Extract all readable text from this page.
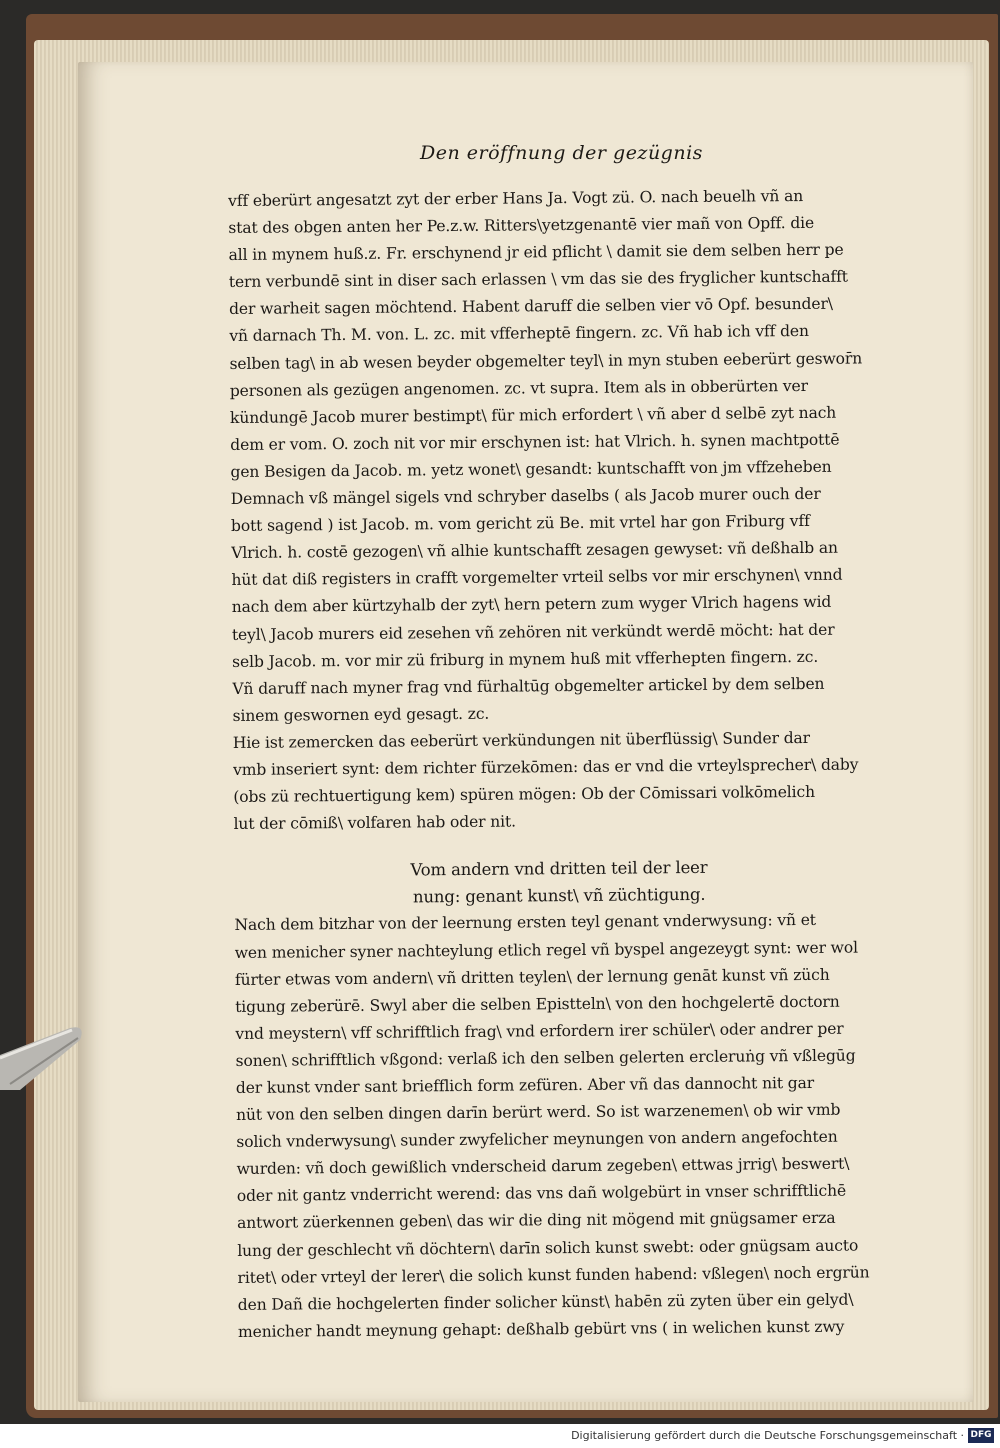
Den eröffnung der gezügnis
vff eberürt angesatzt zyt der erber Hans Ja. Vogt zü. O. nach beuelh vñ an
stat des obgen anten her Pe.z.w. Ritters\yetzgenantē vier mañ von Opff. die
all in mynem huß.z. Fr. erschynend jr eid pflicht \ damit sie dem selben herr pe
tern verbundē sint in diser sach erlassen \ vm das sie des fryglicher kuntschafft
der warheit sagen möchtend. Habent daruff die selben vier vō Opf. besunder\
vñ darnach Th. M. von. L. zc. mit vfferheptē fingern. zc. Vñ hab ich vff den
selben tag\ in ab wesen beyder obgemelter teyl\ in myn stuben eeberürt geswor̄n
personen als gezügen angenomen. zc. vt supra. Item als in obberürten ver
kündungē Jacob murer bestimpt\ für mich erfordert \ vñ aber d selbē zyt nach
dem er vom. O. zoch nit vor mir erschynen ist: hat Vlrich. h. synen machtpottē
gen Besigen da Jacob. m. yetz wonet\ gesandt: kuntschafft von jm vffzeheben
Demnach vß mängel sigels vnd schryber daselbs ( als Jacob murer ouch der
bott sagend ) ist Jacob. m. vom gericht zü Be. mit vrtel har gon Friburg vff
Vlrich. h. costē gezogen\ vñ alhie kuntschafft zesagen gewyset: vñ deßhalb an
hüt dat diß registers in crafft vorgemelter vrteil selbs vor mir erschynen\ vnnd
nach dem aber kürtzyhalb der zyt\ hern petern zum wyger Vlrich hagens wid
teyl\ Jacob murers eid zesehen vñ zehören nit verkündt werdē möcht: hat der
selb Jacob. m. vor mir zü friburg in mynem huß mit vfferhepten fingern. zc.
Vñ daruff nach myner frag vnd fürhaltūg obgemelter artickel by dem selben
sinem geswornen eyd gesagt. zc.
Hie ist zemercken das eeberürt verkündungen nit überflüssig\ Sunder dar
vmb inseriert synt: dem richter fürzekōmen: das er vnd die vrteylsprecher\ daby
(obs zü rechtuertigung kem) spüren mögen: Ob der Cōmissari volkōmelich
lut der cōmiß\ volfaren hab oder nit.
Vom andern vnd dritten teil der leer
nung: genant kunst\ vñ züchtigung.
Nach dem bitzhar von der leernung ersten teyl genant vnderwysung: vñ et
wen menicher syner nachteylung etlich regel vñ byspel angezeygt synt: wer wol
fürter etwas vom andern\ vñ dritten teylen\ der lernung genāt kunst vñ züch
tigung zeberürē. Swyl aber die selben Epistteln\ von den hochgelertē doctorn
vnd meystern\ vff schrifftlich frag\ vnd erfordern irer schüler\ oder andrer per
sonen\ schrifftlich vßgond: verlaß ich den selben gelerten ercleruṅg vñ vßlegūg
der kunst vnder sant briefflich form zefüren. Aber vñ das dannocht nit gar
nüt von den selben dingen darīn berürt werd. So ist warzenemen\ ob wir vmb
solich vnderwysung\ sunder zwyfelicher meynungen von andern angefochten
wurden: vñ doch gewißlich vnderscheid darum zegeben\ ettwas jrrig\ beswert\
oder nit gantz vnderricht werend: das vns dañ wolgebürt in vnser schrifftlichē
antwort züerkennen geben\ das wir die ding nit mögend mit gnügsamer erza
lung der geschlecht vñ döchtern\ darīn solich kunst swebt: oder gnügsam aucto
ritet\ oder vrteyl der lerer\ die solich kunst funden habend: vßlegen\ noch ergrün
den Dañ die hochgelerten finder solicher künst\ habēn zü zyten über ein gelyd\
menicher handt meynung gehapt: deßhalb gebürt vns ( in welichen kunst zwy
Digitalisierung gefördert durch die Deutsche Forschungsgemeinschaft · DFG
